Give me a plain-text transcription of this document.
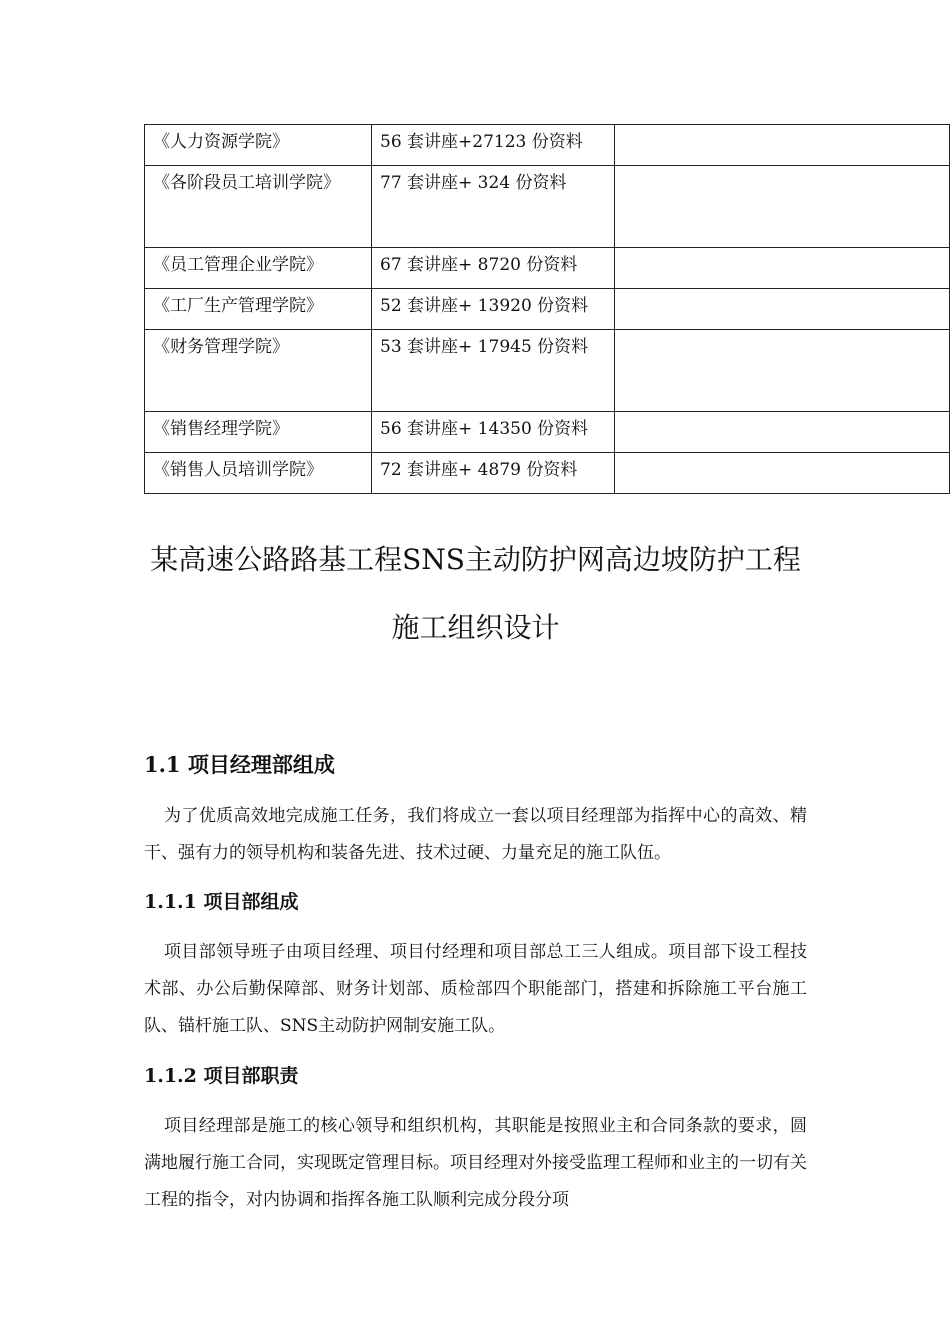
《人力资源学院》	56 套讲座+27123 份资料	

《各阶段员工培训学院》	77 套讲座+ 324 份资料	

《员工管理企业学院》	67 套讲座+ 8720 份资料	

《工厂生产管理学院》	52 套讲座+ 13920 份资料	

《财务管理学院》	53 套讲座+ 17945 份资料	

《销售经理学院》	56 套讲座+ 14350 份资料	

《销售人员培训学院》	72 套讲座+ 4879 份资料	

某高速公路路基工程SNS主动防护网高边坡防护工程施工组织设计
1.1 项目经理部组成

为了优质高效地完成施工任务，我们将成立一套以项目经理部为指挥中心的高效、精干、强有力的领导机构和装备先进、技术过硬、力量充足的施工队伍。

1.1.1 项目部组成

项目部领导班子由项目经理、项目付经理和项目部总工三人组成。项目部下设工程技术部、办公后勤保障部、财务计划部、质检部四个职能部门，搭建和拆除施工平台施工队、锚杆施工队、SNS主动防护网制安施工队。

1.1.2 项目部职责

项目经理部是施工的核心领导和组织机构，其职能是按照业主和合同条款的要求，圆满地履行施工合同，实现既定管理目标。项目经理对外接受监理工程师和业主的一切有关工程的指令，对内协调和指挥各施工队顺利完成分段分项
